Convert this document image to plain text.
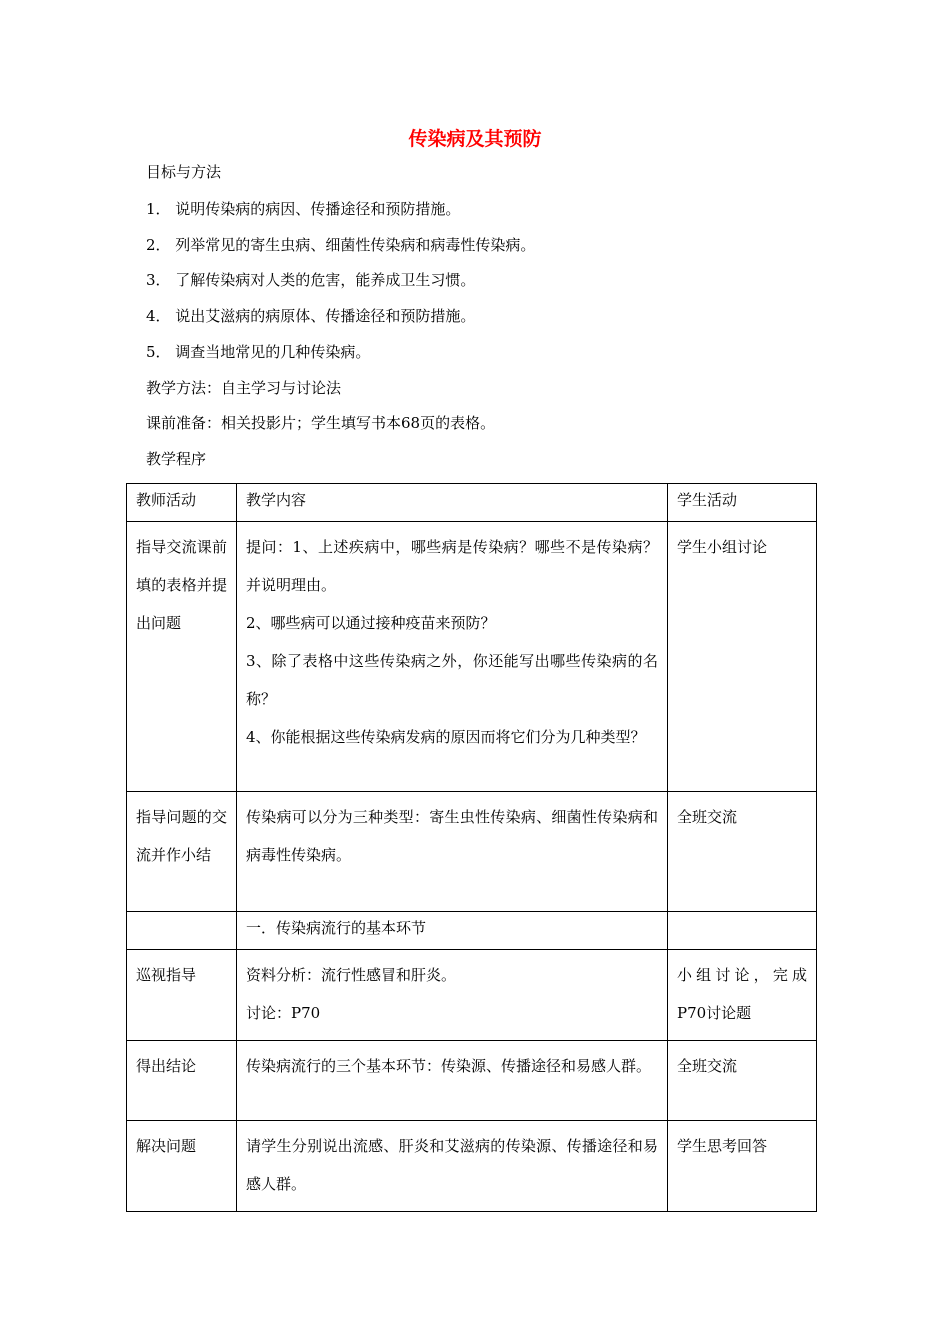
传染病及其预防
目标与方法
1． 说明传染病的病因、传播途径和预防措施。
2． 列举常见的寄生虫病、细菌性传染病和病毒性传染病。
3． 了解传染病对人类的危害，能养成卫生习惯。
4． 说出艾滋病的病原体、传播途径和预防措施。
5． 调查当地常见的几种传染病。
教学方法：自主学习与讨论法
课前准备：相关投影片；学生填写书本68页的表格。
教学程序
教师活动	教学内容	学生活动
指导交流课前填的表格并提出问题	提问：1、上述疾病中，哪些病是传染病？哪些不是传染病？并说明理由。
2、哪些病可以通过接种疫苗来预防？
3、除了表格中这些传染病之外，你还能写出哪些传染病的名称？
4、你能根据这些传染病发病的原因而将它们分为几种类型？	学生小组讨论
指导问题的交流并作小结	传染病可以分为三种类型：寄生虫性传染病、细菌性传染病和病毒性传染病。	全班交流

	一．传染病流行的基本环节	

巡视指导	资料分析：流行性感冒和肝炎。
讨论：P70	小组讨论，完成P70讨论题
得出结论	传染病流行的三个基本环节：传染源、传播途径和易感人群。	全班交流
解决问题	请学生分别说出流感、肝炎和艾滋病的传染源、传播途径和易感人群。	学生思考回答
